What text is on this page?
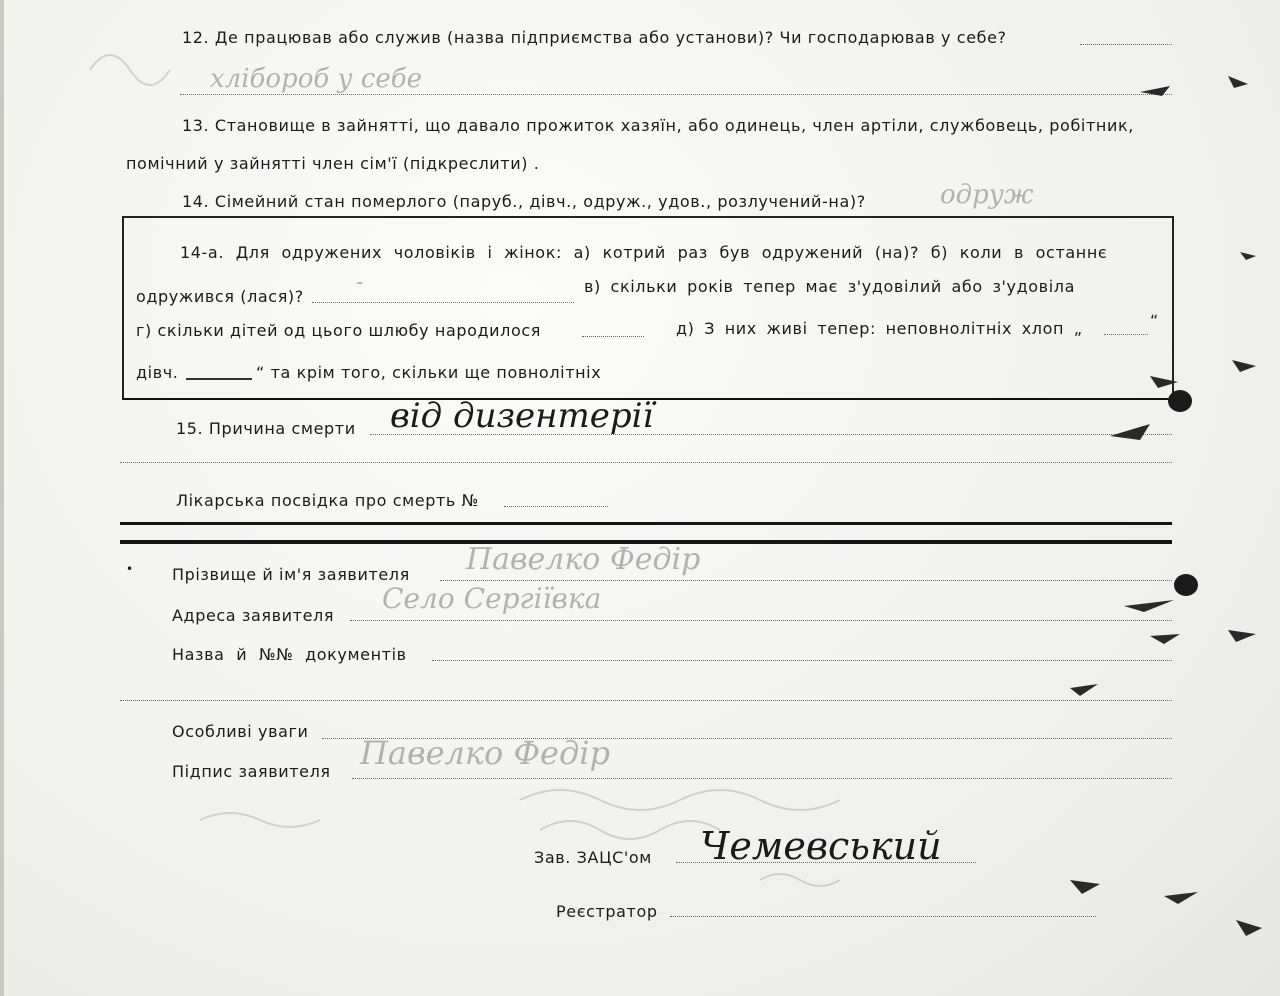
12. Де працював або служив (назва підприємства або установи)? Чи господарював у себе?
хлібороб у себе
13. Становище в зайнятті, що давало прожиток хазяїн, або одинець, член артіли, службовець, робітник,
помічний у зайнятті член сім'ї (підкреслити) .
14. Сімейний стан померлого (паруб., дівч., одруж., удов., розлучений-на)?	одруж
14-а. Для одружених чоловіків і жінок: а) котрий раз був одружений (на)? б) коли в останнє
одружився (лася)?
-	в) скільки років тепер має з'удовілий або з'удовіла
г) скільки дітей од цього шлюбу народилося	д) З них живі тепер: неповнолітніх хлоп „	“
дівч.	“ та крім того, скільки ще повнолітніх
15. Причина смерти від дизентерії
Лікарська посвідка про смерть №
• Прізвище й ім'я заявителя Павелко Федір
Адреса заявителя
Село Сергіївка
Назва й №№ документів
Особливі уваги
Підпис заявителя Павелко Федір
Зав. ЗАЦС'ом Чемевський
Реєстратор
